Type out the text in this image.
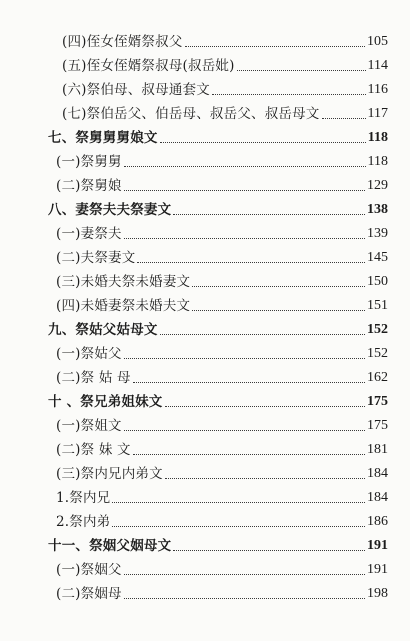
(四)侄女侄婿祭叔父	105
(五)侄女侄婿祭叔母(叔岳妣)	114
(六)祭伯母、叔母通套文	116
(七)祭伯岳父、伯岳母、叔岳父、叔岳母文	117
七、祭舅舅舅娘文	118
(一)祭舅舅	118
(二)祭舅娘	129
八、妻祭夫夫祭妻文	138
(一)妻祭夫	139
(二)夫祭妻文	145
(三)未婚夫祭未婚妻文	150
(四)未婚妻祭未婚夫文	151
九、祭姑父姑母文	152
(一)祭姑父	152
(二)祭 姑 母	162
十 、祭兄弟姐妹文	175
(一)祭姐文	175
(二)祭 妹 文	181
(三)祭内兄内弟文	184
1.祭内兄	184
2.祭内弟	186
十一、祭姻父姻母文	191
(一)祭姻父	191
(二)祭姻母	198
